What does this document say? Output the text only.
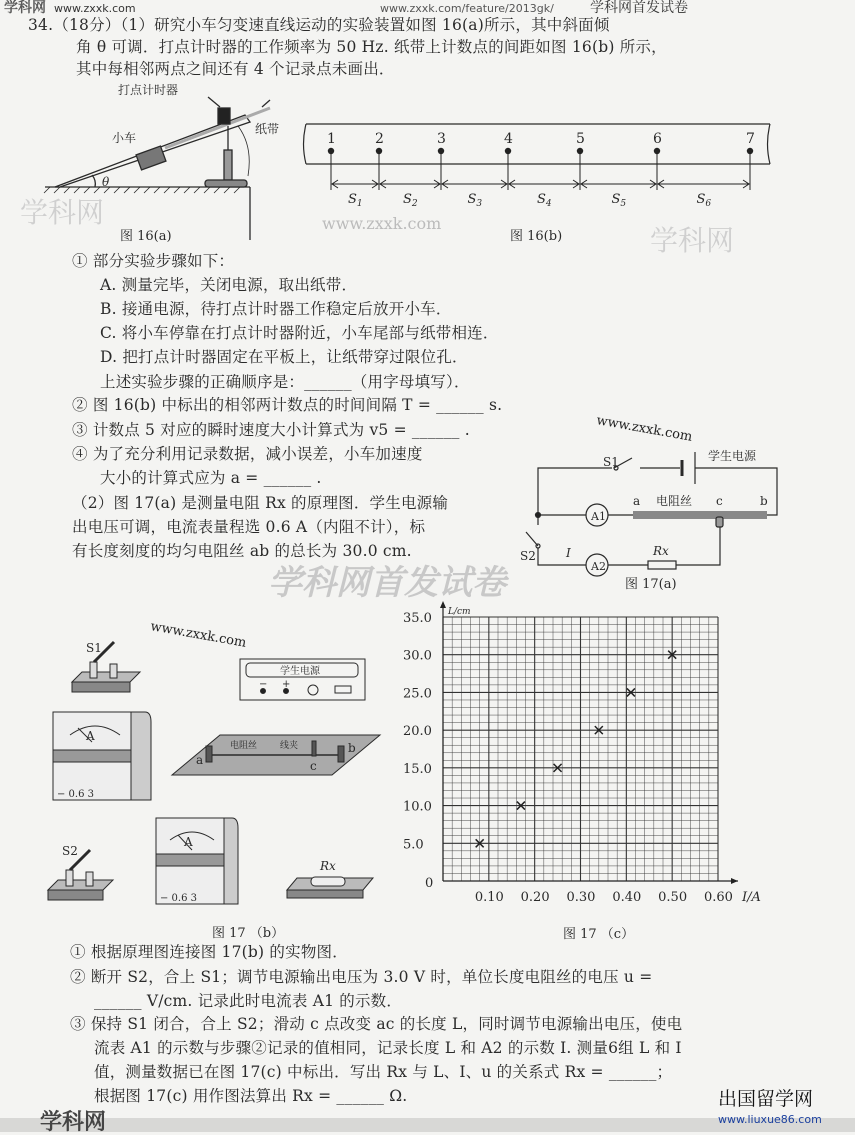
学科网 www.zxxk.com	www.zxxk.com/feature/2013gk/	学科网首发试卷
34.（18分）（1）研究小车匀变速直线运动的实验装置如图 16(a)所示，其中斜面倾
角 θ 可调．打点计时器的工作频率为 50 Hz. 纸带上计数点的间距如图 16(b) 所示，
其中每相邻两点之间还有 4 个记录点未画出．
① 部分实验步骤如下：
A. 测量完毕，关闭电源，取出纸带．
B. 接通电源，待打点计时器工作稳定后放开小车．
C. 将小车停靠在打点计时器附近，小车尾部与纸带相连．
D. 把打点计时器固定在平板上，让纸带穿过限位孔．
上述实验步骤的正确顺序是：______（用字母填写）．
② 图 16(b) 中标出的相邻两计数点的时间间隔 T = ______ s.
③ 计数点 5 对应的瞬时速度大小计算式为 v5 = ______ .
④ 为了充分利用记录数据，减小误差，小车加速度
大小的计算式应为 a = ______ .
（2）图 17(a) 是测量电阻 Rx 的原理图．学生电源输
出电压可调，电流表量程选 0.6 A（内阻不计），标
有长度刻度的均匀电阻丝 ab 的总长为 30.0 cm.
① 根据原理图连接图 17(b) 的实物图．
② 断开 S2，合上 S1；调节电源输出电压为 3.0 V 时，单位长度电阻丝的电压 u =
______ V/cm. 记录此时电流表 A1 的示数．
③ 保持 S1 闭合，合上 S2；滑动 c 点改变 ac 的长度 L，同时调节电源输出电压，使电
流表 A1 的示数与步骤②记录的值相同，记录长度 L 和 A2 的示数 I. 测量6组 L 和 I
值，测量数据已在图 17(c) 中标出．写出 Rx 与 L、I、u 的关系式 Rx = ______；
根据图 17(c) 用作图法算出 Rx = ______ Ω.
打点计时器
小车
纸带
θ
图 16(a)
1	2	3	4	5	6	7
$S_1$	$S_2$	$S_3$	$S_4$	$S_5$	$S_6$
图 16(b)
S1	学生电源
A1
A2
a 电阻丝 c	b
Rx
I
S2
图 17(a)
S1
学生电源
− +
A
− 0.6 3
电阻丝	线夹
a
b
c
S2
A
− 0.6 3
Rx
图 17 （b）
0.10 0.20 0.30 0.40 0.50 0.60
5.0
10.0
15.0
20.0
25.0
30.0
35.0
0
I/A
L/cm
图 17 （c）
学科网首发试卷
www.zxxk.com
www.zxxk.com
www.zxxk.com
学科网
学科网
学科网
出国留学网
www.liuxue86.com
